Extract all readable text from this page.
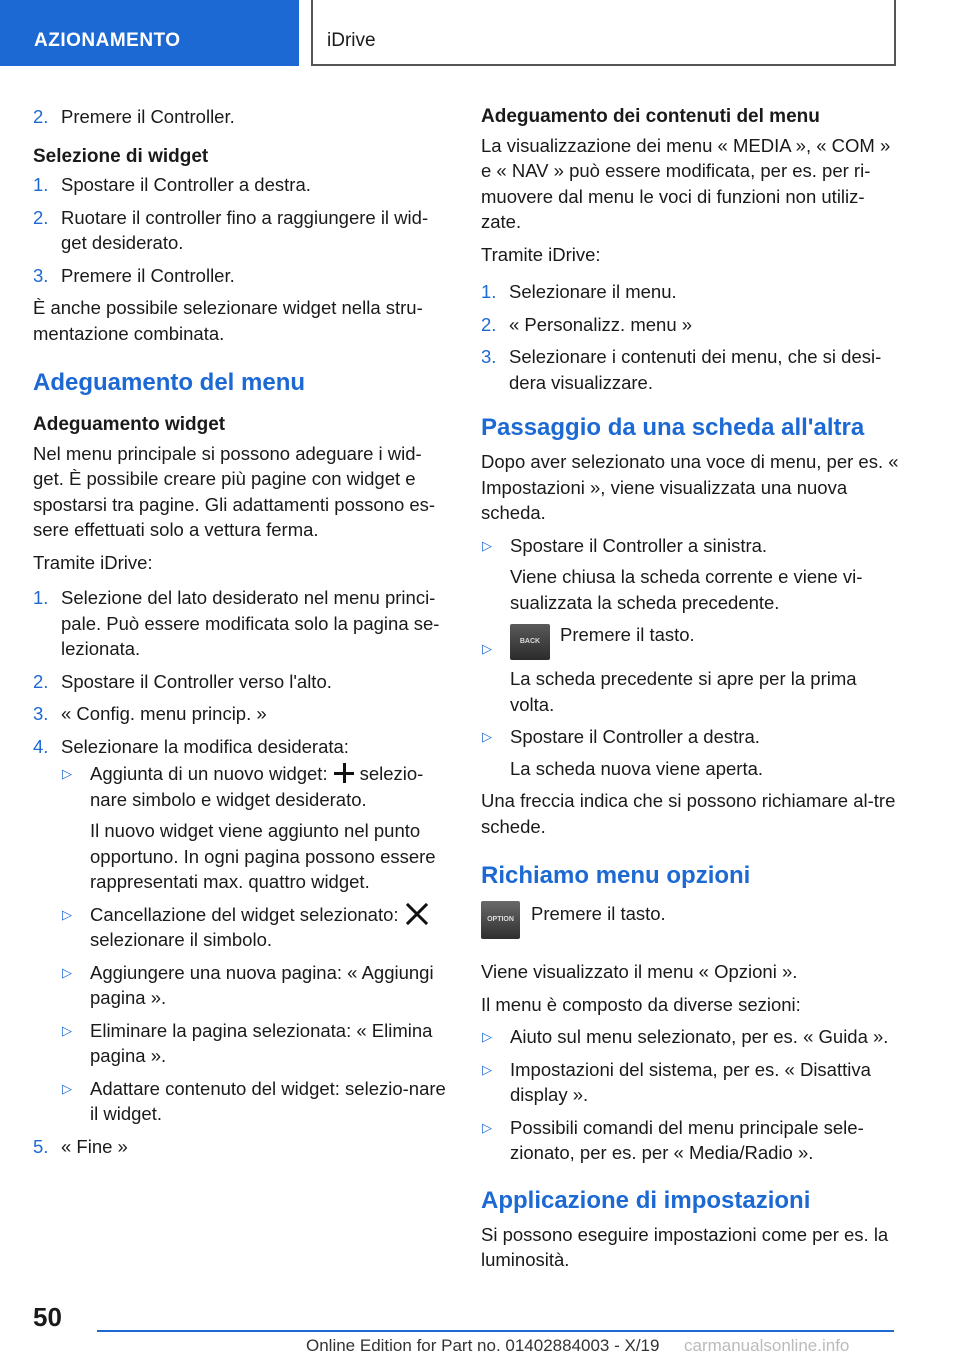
AZIONAMENTO	iDrive
2. Premere il Controller.
Selezione di widget
1. Spostare il Controller a destra.
2. Ruotare il controller fino a raggiungere il wid-get desiderato.
3. Premere il Controller.
È anche possibile selezionare widget nella stru-mentazione combinata.
Adeguamento del menu
Adeguamento widget
Nel menu principale si possono adeguare i wid-get. È possibile creare più pagine con widget e spostarsi tra pagine. Gli adattamenti possono es-sere effettuati solo a vettura ferma.
Tramite iDrive:
1. Selezione del lato desiderato nel menu princi-pale. Può essere modificata solo la pagina se-lezionata.
2. Spostare il Controller verso l'alto.
3. « Config. menu princip. »
4. Selezionare la modifica desiderata:
▷ Aggiunta di un nuovo widget: selezio-nare simbolo e widget desiderato.
Il nuovo widget viene aggiunto nel punto opportuno. In ogni pagina possono essere rappresentati max. quattro widget.
▷ Cancellazione del widget selezionato:
selezionare il simbolo.
▷ Aggiungere una nuova pagina: « Aggiungi pagina ».
▷ Eliminare la pagina selezionata: « Elimina pagina ».
▷ Adattare contenuto del widget: selezio-nare il widget.
5. « Fine »
Adeguamento dei contenuti del menu
La visualizzazione dei menu « MEDIA », « COM » e « NAV » può essere modificata, per es. per ri-muovere dal menu le voci di funzioni non utiliz-zate.
Tramite iDrive:
1. Selezionare il menu.
2. « Personalizz. menu »
3. Selezionare i contenuti dei menu, che si desi-dera visualizzare.
Passaggio da una scheda all'altra
Dopo aver selezionato una voce di menu, per es. « Impostazioni », viene visualizzata una nuova scheda.
▷ Spostare il Controller a sinistra.
Viene chiusa la scheda corrente e viene vi-sualizzata la scheda precedente.
▷	BACK Premere il tasto.
La scheda precedente si apre per la prima volta.
▷ Spostare il Controller a destra.
La scheda nuova viene aperta.
Una freccia indica che si possono richiamare al-tre schede.
Richiamo menu opzioni
OPTION Premere il tasto.
Viene visualizzato il menu « Opzioni ».
Il menu è composto da diverse sezioni:
▷ Aiuto sul menu selezionato, per es. « Guida ».
▷ Impostazioni del sistema, per es. « Disattiva display ».
▷ Possibili comandi del menu principale sele-zionato, per es. per « Media/Radio ».
Applicazione di impostazioni
Si possono eseguire impostazioni come per es. la luminosità.
50
Online Edition for Part no. 01402884003 - X/19 carmanualsonline.info
